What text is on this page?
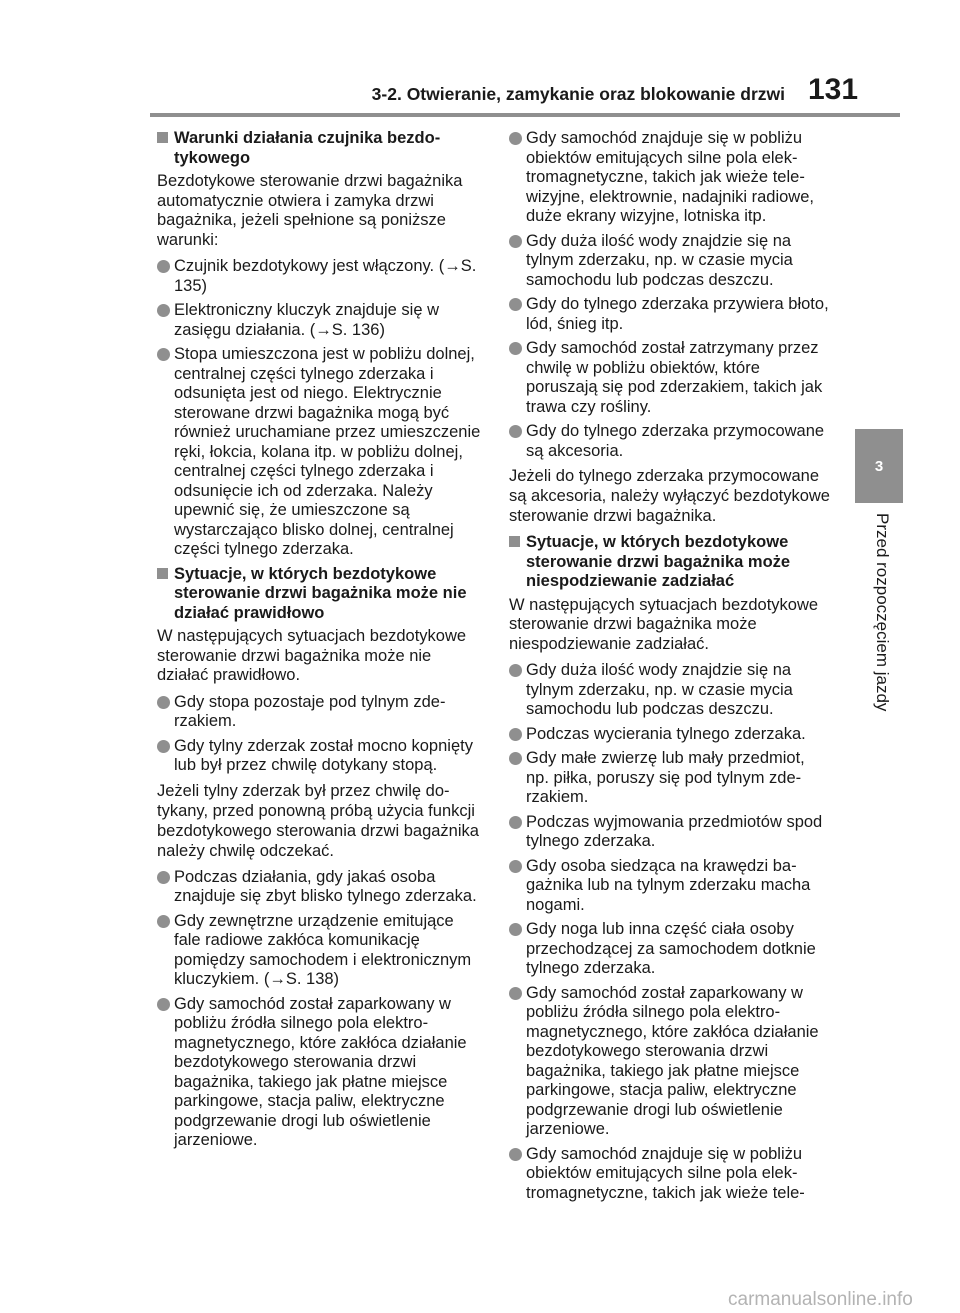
3-2. Otwieranie, zamykanie oraz blokowanie drzwi 131
3
Przed rozpoczęciem jazdy
Warunki działania czujnika bezdotykowego
Bezdotykowe sterowanie drzwi bagażnika automatycznie otwiera i zamyka drzwi bagażnika, jeżeli spełnione są poniższe warunki:
Czujnik bezdotykowy jest włączony. (→S. 135)
Elektroniczny kluczyk znajduje się w zasięgu działania. (→S. 136)
Stopa umieszczona jest w pobliżu dolnej, centralnej części tylnego zderzaka i odsunięta jest od niego. Elektrycznie sterowane drzwi bagażnika mogą być również uruchamiane przez umieszczenie ręki, łokcia, kolana itp. w pobliżu dolnej, centralnej części tylnego zderzaka i odsunięcie ich od zderzaka. Należy upewnić się, że umieszczone są wystarczająco blisko dolnej, centralnej części tylnego zderzaka.
Sytuacje, w których bezdotykowe sterowanie drzwi bagażnika może nie działać prawidłowo
W następujących sytuacjach bezdotykowe sterowanie drzwi bagażnika może nie działać prawidłowo.
Gdy stopa pozostaje pod tylnym zderzakiem.
Gdy tylny zderzak został mocno kopnięty lub był przez chwilę dotykany stopą.
Jeżeli tylny zderzak był przez chwilę dotykany, przed ponowną próbą użycia funkcji bezdotykowego sterowania drzwi bagażnika należy chwilę odczekać.
Podczas działania, gdy jakaś osoba znajduje się zbyt blisko tylnego zderzaka.
Gdy zewnętrzne urządzenie emitujące fale radiowe zakłóca komunikację pomiędzy samochodem i elektronicznym kluczykiem. (→S. 138)
Gdy samochód został zaparkowany w pobliżu źródła silnego pola elektromagnetycznego, które zakłóca działanie bezdotykowego sterowania drzwi bagażnika, takiego jak płatne miejsce parkingowe, stacja paliw, elektryczne podgrzewanie drogi lub oświetlenie jarzeniowe.
Gdy samochód znajduje się w pobliżu obiektów emitujących silne pola elektromagnetyczne, takich jak wieże telewizyjne, elektrownie, nadajniki radiowe, duże ekrany wizyjne, lotniska itp.
Gdy duża ilość wody znajdzie się na tylnym zderzaku, np. w czasie mycia samochodu lub podczas deszczu.
Gdy do tylnego zderzaka przywiera błoto, lód, śnieg itp.
Gdy samochód został zatrzymany przez chwilę w pobliżu obiektów, które poruszają się pod zderzakiem, takich jak trawa czy rośliny.
Gdy do tylnego zderzaka przymocowane są akcesoria.
Jeżeli do tylnego zderzaka przymocowane są akcesoria, należy wyłączyć bezdotykowe sterowanie drzwi bagażnika.
Sytuacje, w których bezdotykowe sterowanie drzwi bagażnika może niespodziewanie zadziałać
W następujących sytuacjach bezdotykowe sterowanie drzwi bagażnika może niespodziewanie zadziałać.
Gdy duża ilość wody znajdzie się na tylnym zderzaku, np. w czasie mycia samochodu lub podczas deszczu.
Podczas wycierania tylnego zderzaka.
Gdy małe zwierzę lub mały przedmiot, np. piłka, poruszy się pod tylnym zderzakiem.
Podczas wyjmowania przedmiotów spod tylnego zderzaka.
Gdy osoba siedząca na krawędzi bagażnika lub na tylnym zderzaku macha nogami.
Gdy noga lub inna część ciała osoby przechodzącej za samochodem dotknie tylnego zderzaka.
Gdy samochód został zaparkowany w pobliżu źródła silnego pola elektromagnetycznego, które zakłóca działanie bezdotykowego sterowania drzwi bagażnika, takiego jak płatne miejsce parkingowe, stacja paliw, elektryczne podgrzewanie drogi lub oświetlenie jarzeniowe.
Gdy samochód znajduje się w pobliżu obiektów emitujących silne pola elektromagnetyczne, takich jak wieże tele-
carmanualsonline.info
